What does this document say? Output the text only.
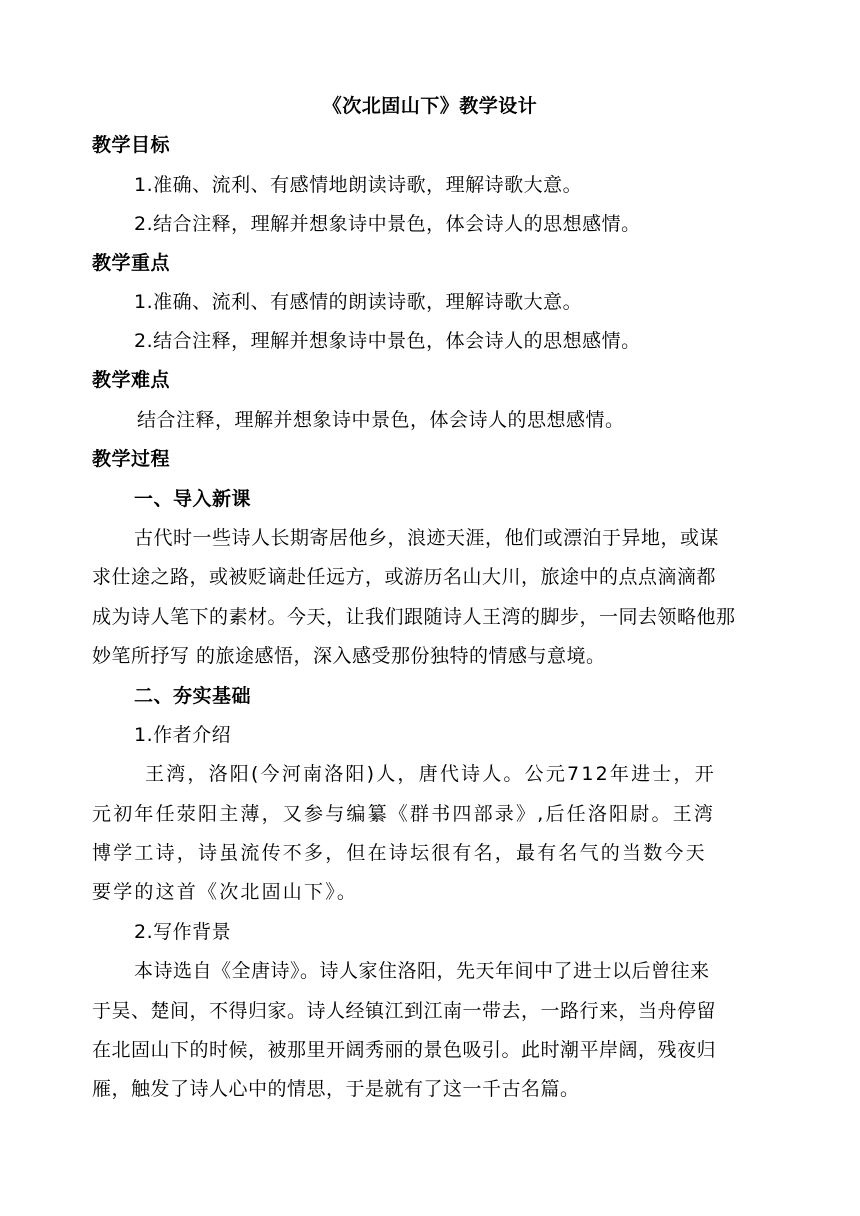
《次北固山下》教学设计
教学目标
1.准确、流利、有感情地朗读诗歌，理解诗歌大意。
2.结合注释，理解并想象诗中景色，体会诗人的思想感情。
教学重点
1.准确、流利、有感情的朗读诗歌，理解诗歌大意。
2.结合注释，理解并想象诗中景色，体会诗人的思想感情。
教学难点
结合注释，理解并想象诗中景色，体会诗人的思想感情。
教学过程
一、导入新课
古代时一些诗人长期寄居他乡，浪迹天涯，他们或漂泊于异地，或谋
求仕途之路，或被贬谪赴任远方，或游历名山大川，旅途中的点点滴滴都
成为诗人笔下的素材。今天，让我们跟随诗人王湾的脚步，一同去领略他那
妙笔所抒写 的旅途感悟，深入感受那份独特的情感与意境。
二、夯实基础
1.作者介绍
王湾，洛阳(今河南洛阳)人，唐代诗人。公元712年进士，开
元初年任荥阳主薄，又参与编纂《群书四部录》,后任洛阳尉。王湾
博学工诗，诗虽流传不多，但在诗坛很有名，最有名气的当数今天
要学的这首《次北固山下》。
2.写作背景
本诗选自《全唐诗》。诗人家住洛阳，先天年间中了进士以后曾往来
于吴、楚间，不得归家。诗人经镇江到江南一带去，一路行来，当舟停留
在北固山下的时候，被那里开阔秀丽的景色吸引。此时潮平岸阔，残夜归
雁，触发了诗人心中的情思，于是就有了这一千古名篇。
